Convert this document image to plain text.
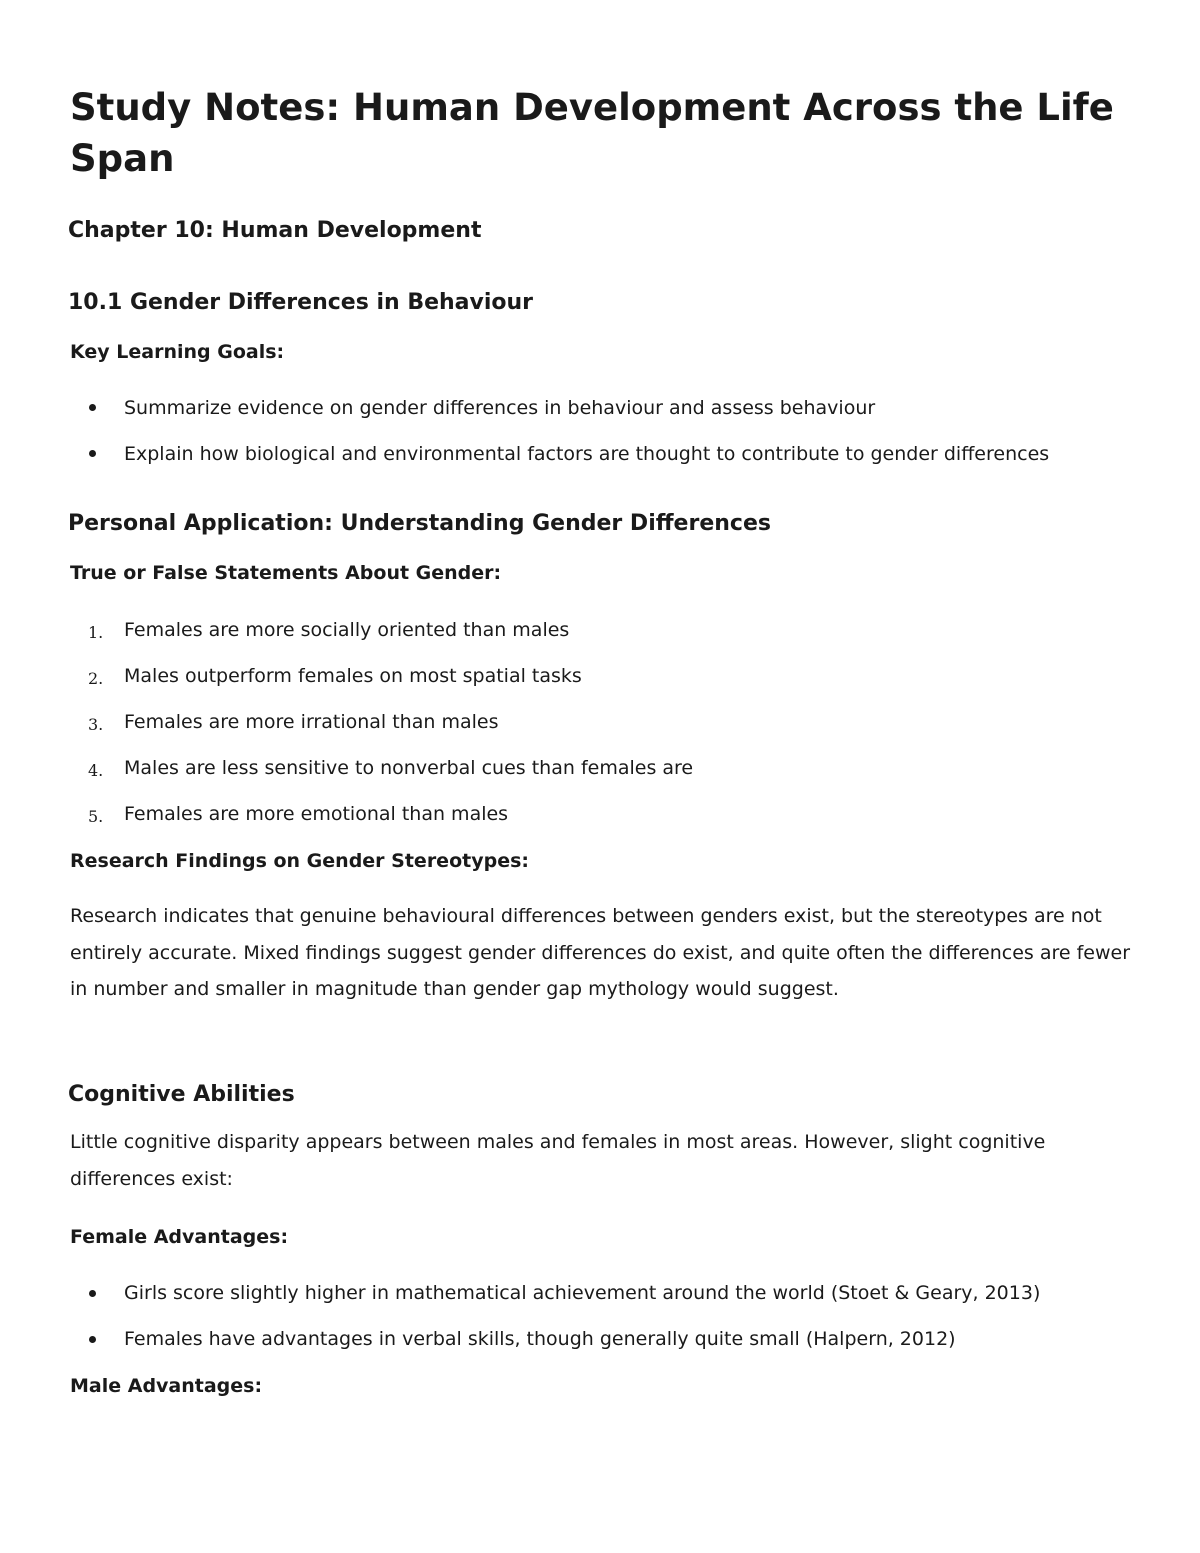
Study Notes: Human Development Across the Life Span
Chapter 10: Human Development
10.1 Gender Differences in Behaviour
Key Learning Goals:

Summarize evidence on gender differences in behaviour and assess behaviour

Explain how biological and environmental factors are thought to contribute to gender differences

Personal Application: Understanding Gender Differences
True or False Statements About Gender:
1. Females are more socially oriented than males

2. Males outperform females on most spatial tasks

3. Females are more irrational than males

4. Males are less sensitive to nonverbal cues than females are

5. Females are more emotional than males

Research Findings on Gender Stereotypes:

Research indicates that genuine behavioural differences between genders exist, but the stereotypes are not entirely accurate. Mixed findings suggest gender differences do exist, and quite often the differences are fewer in number and smaller in magnitude than gender gap mythology would suggest.

Cognitive Abilities

Little cognitive disparity appears between males and females in most areas. However, slight cognitive differences exist:

Female Advantages:

Girls score slightly higher in mathematical achievement around the world (Stoet & Geary, 2013)

Females have advantages in verbal skills, though generally quite small (Halpern, 2012)

Male Advantages:
